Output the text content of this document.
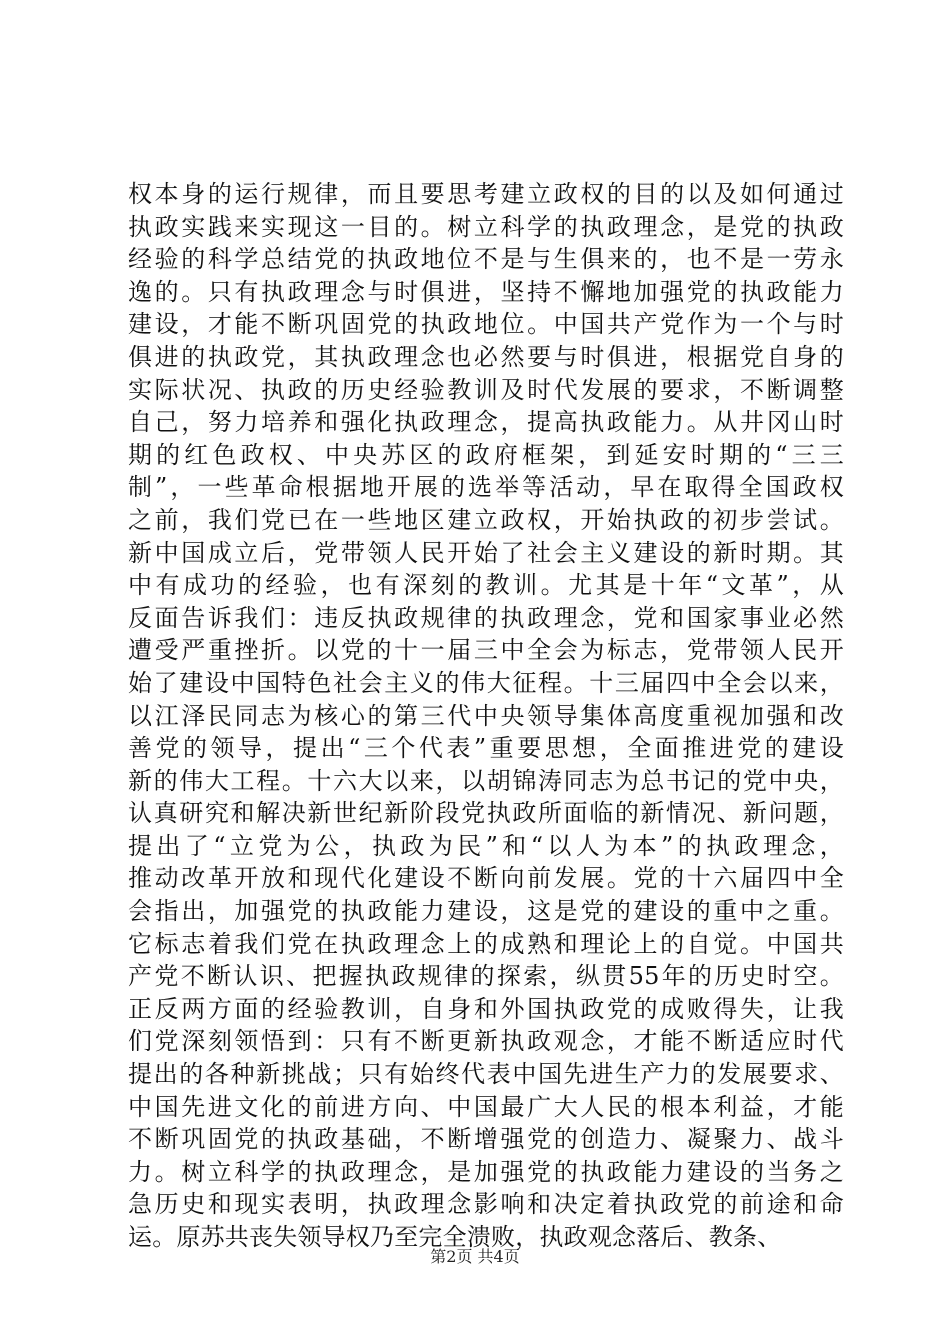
权本身的运行规律，而且要思考建立政权的目的以及如何通过
执政实践来实现这一目的。树立科学的执政理念，是党的执政
经验的科学总结党的执政地位不是与生俱来的，也不是一劳永
逸的。只有执政理念与时俱进，坚持不懈地加强党的执政能力
建设，才能不断巩固党的执政地位。中国共产党作为一个与时
俱进的执政党，其执政理念也必然要与时俱进，根据党自身的
实际状况、执政的历史经验教训及时代发展的要求，不断调整
自己，努力培养和强化执政理念，提高执政能力。从井冈山时
期的红色政权、中央苏区的政府框架，到延安时期的“三三
制”，一些革命根据地开展的选举等活动，早在取得全国政权
之前，我们党已在一些地区建立政权，开始执政的初步尝试。
新中国成立后，党带领人民开始了社会主义建设的新时期。其
中有成功的经验，也有深刻的教训。尤其是十年“文革”，从
反面告诉我们：违反执政规律的执政理念，党和国家事业必然
遭受严重挫折。以党的十一届三中全会为标志，党带领人民开
始了建设中国特色社会主义的伟大征程。十三届四中全会以来，
以江泽民同志为核心的第三代中央领导集体高度重视加强和改
善党的领导，提出“三个代表”重要思想，全面推进党的建设
新的伟大工程。十六大以来，以胡锦涛同志为总书记的党中央，
认真研究和解决新世纪新阶段党执政所面临的新情况、新问题，
提出了“立党为公，执政为民”和“以人为本”的执政理念，
推动改革开放和现代化建设不断向前发展。党的十六届四中全
会指出，加强党的执政能力建设，这是党的建设的重中之重。
它标志着我们党在执政理念上的成熟和理论上的自觉。中国共
产党不断认识、把握执政规律的探索，纵贯55年的历史时空。
正反两方面的经验教训，自身和外国执政党的成败得失，让我
们党深刻领悟到：只有不断更新执政观念，才能不断适应时代
提出的各种新挑战；只有始终代表中国先进生产力的发展要求、
中国先进文化的前进方向、中国最广大人民的根本利益，才能
不断巩固党的执政基础，不断增强党的创造力、凝聚力、战斗
力。树立科学的执政理念，是加强党的执政能力建设的当务之
急历史和现实表明，执政理念影响和决定着执政党的前途和命
运。原苏共丧失领导权乃至完全溃败，执政观念落后、教条、
第2页 共4页
